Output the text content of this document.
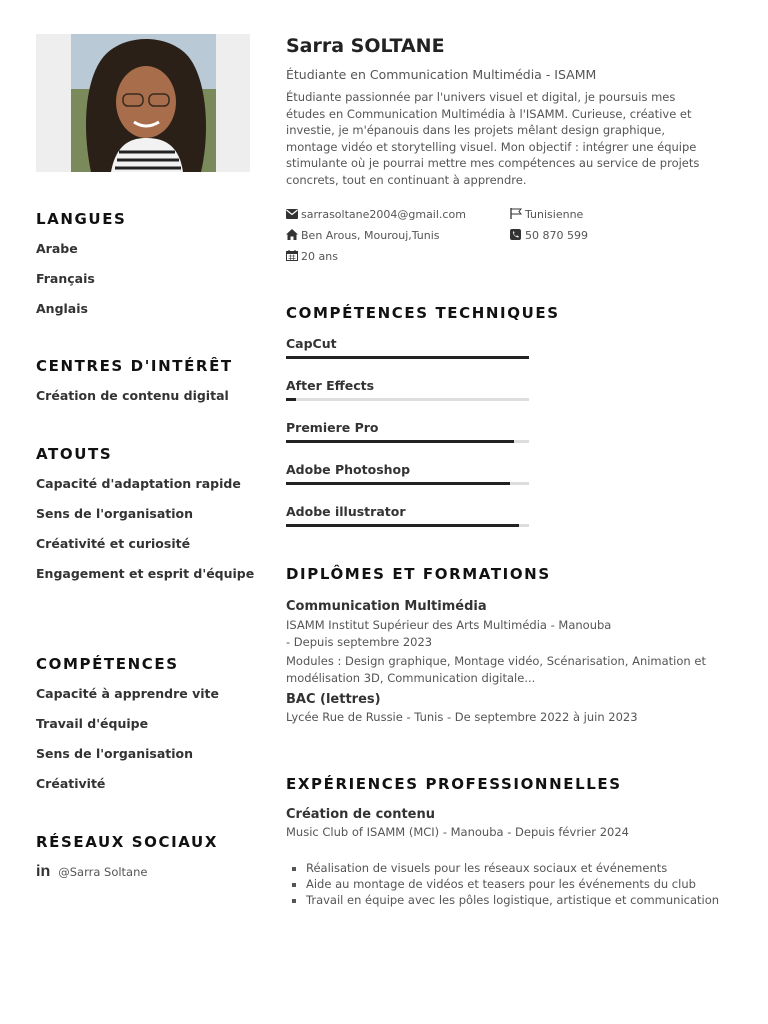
LANGUES
Arabe
Français
Anglais
CENTRES D'INTÉRÊT
Création de contenu digital
ATOUTS
Capacité d'adaptation rapide
Sens de l'organisation
Créativité et curiosité
Engagement et esprit d'équipe
COMPÉTENCES
Capacité à apprendre vite
Travail d'équipe
Sens de l'organisation
Créativité
RÉSEAUX SOCIAUX
in @Sarra Soltane
Sarra SOLTANE
Étudiante en Communication Multimédia - ISAMM
Étudiante passionnée par l'univers visuel et digital, je poursuis mes études en Communication Multimédia à l'ISAMM. Curieuse, créative et investie, je m'épanouis dans les projets mêlant design graphique, montage vidéo et storytelling visuel. Mon objectif : intégrer une équipe stimulante où je pourrai mettre mes compétences au service de projets concrets, tout en continuant à apprendre.
sarrasoltane2004@gmail.com
Ben Arous, Mourouj,Tunis
20 ans
Tunisienne
50 870 599
COMPÉTENCES TECHNIQUES
CapCut
After Effects
Premiere Pro
Adobe Photoshop
Adobe illustrator
DIPLÔMES ET FORMATIONS
Communication Multimédia
ISAMM Institut Supérieur des Arts Multimédia - Manouba
- Depuis septembre 2023
Modules : Design graphique, Montage vidéo, Scénarisation, Animation et modélisation 3D, Communication digitale...
BAC (lettres)
Lycée Rue de Russie - Tunis - De septembre 2022 à juin 2023
EXPÉRIENCES PROFESSIONNELLES
Création de contenu
Music Club of ISAMM (MCI) - Manouba - Depuis février 2024
▪ Réalisation de visuels pour les réseaux sociaux et événements
▪ Aide au montage de vidéos et teasers pour les événements du club
▪ Travail en équipe avec les pôles logistique, artistique et communication
